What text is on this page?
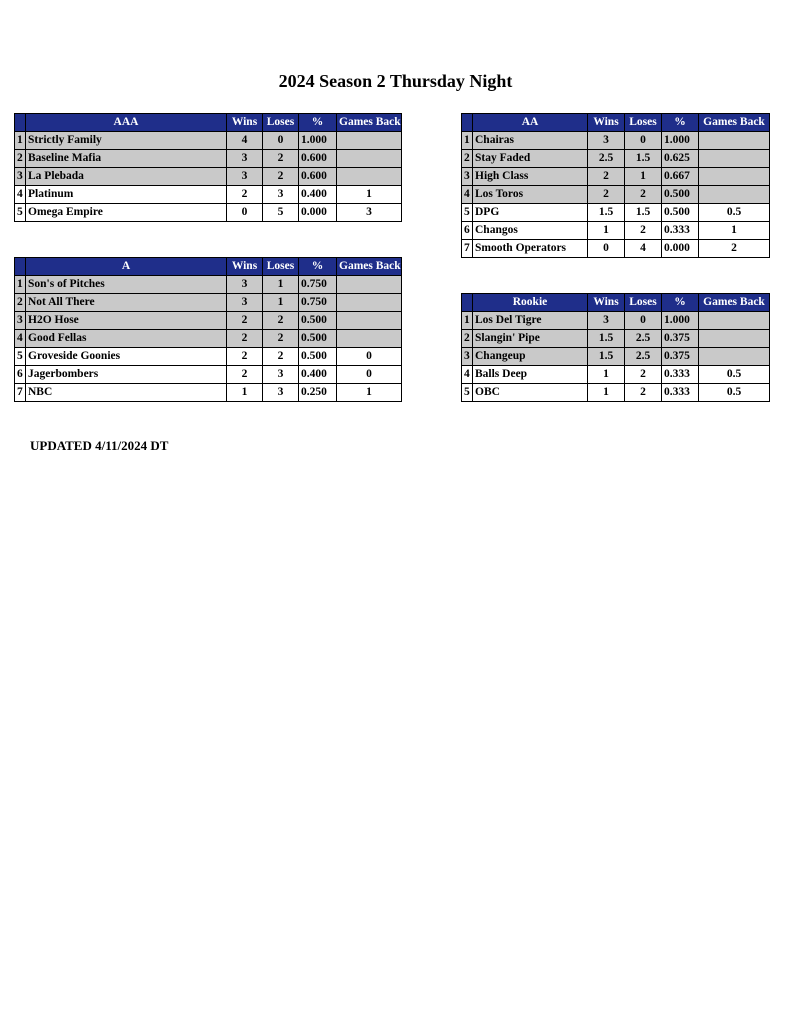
2024 Season 2 Thursday Night
	AAA	Wins	Loses	%	Games Back
1	Strictly Family	4	0	1.000	
2	Baseline Mafia	3	2	0.600	
3	La Plebada	3	2	0.600	
4	Platinum	2	3	0.400	1
5	Omega Empire	0	5	0.000	3
	AA	Wins	Loses	%	Games Back
1	Chairas	3	0	1.000	
2	Stay Faded	2.5	1.5	0.625	
3	High Class	2	1	0.667	
4	Los Toros	2	2	0.500	
5	DPG	1.5	1.5	0.500	0.5
6	Changos	1	2	0.333	1
7	Smooth Operators	0	4	0.000	2
	A	Wins	Loses	%	Games Back
1	Son's of Pitches	3	1	0.750	
2	Not All There	3	1	0.750	
3	H2O Hose	2	2	0.500	
4	Good Fellas	2	2	0.500	
5	Groveside Goonies	2	2	0.500	0
6	Jagerbombers	2	3	0.400	0
7	NBC	1	3	0.250	1
	Rookie	Wins	Loses	%	Games Back
1	Los Del Tigre	3	0	1.000	
2	Slangin' Pipe	1.5	2.5	0.375	
3	Changeup	1.5	2.5	0.375	
4	Balls Deep	1	2	0.333	0.5
5	OBC	1	2	0.333	0.5
UPDATED 4/11/2024 DT
